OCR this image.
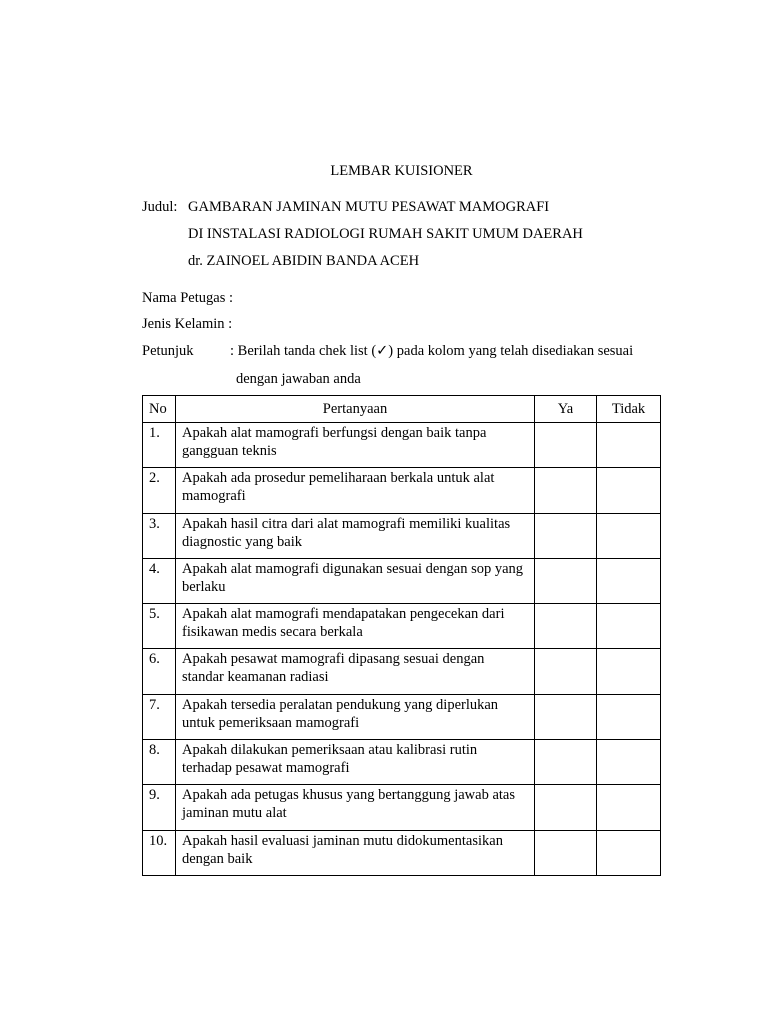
LEMBAR KUISIONER
Judul: GAMBARAN JAMINAN MUTU PESAWAT MAMOGRAFI
DI INSTALASI RADIOLOGI RUMAH SAKIT UMUM DAERAH
dr. ZAINOEL ABIDIN BANDA ACEH
Nama Petugas :
Jenis Kelamin :
Petunjuk	: Berilah tanda chek list (✓) pada kolom yang telah disediakan sesuai
dengan jawaban anda
No	Pertanyaan	Ya	Tidak
1.	Apakah alat mamografi berfungsi dengan baik tanpa gangguan teknis		
2.	Apakah ada prosedur pemeliharaan berkala untuk alat mamografi		
3.	Apakah hasil citra dari alat mamografi memiliki kualitas diagnostic yang baik		
4.	Apakah alat mamografi digunakan sesuai dengan sop yang berlaku		
5.	Apakah alat mamografi mendapatakan pengecekan dari fisikawan medis secara berkala		
6.	Apakah pesawat mamografi dipasang sesuai dengan standar keamanan radiasi		
7.	Apakah tersedia peralatan pendukung yang diperlukan untuk pemeriksaan mamografi		
8.	Apakah dilakukan pemeriksaan atau kalibrasi rutin terhadap pesawat mamografi		
9.	Apakah ada petugas khusus yang bertanggung jawab atas jaminan mutu alat		
10.	Apakah hasil evaluasi jaminan mutu didokumentasikan dengan baik		
